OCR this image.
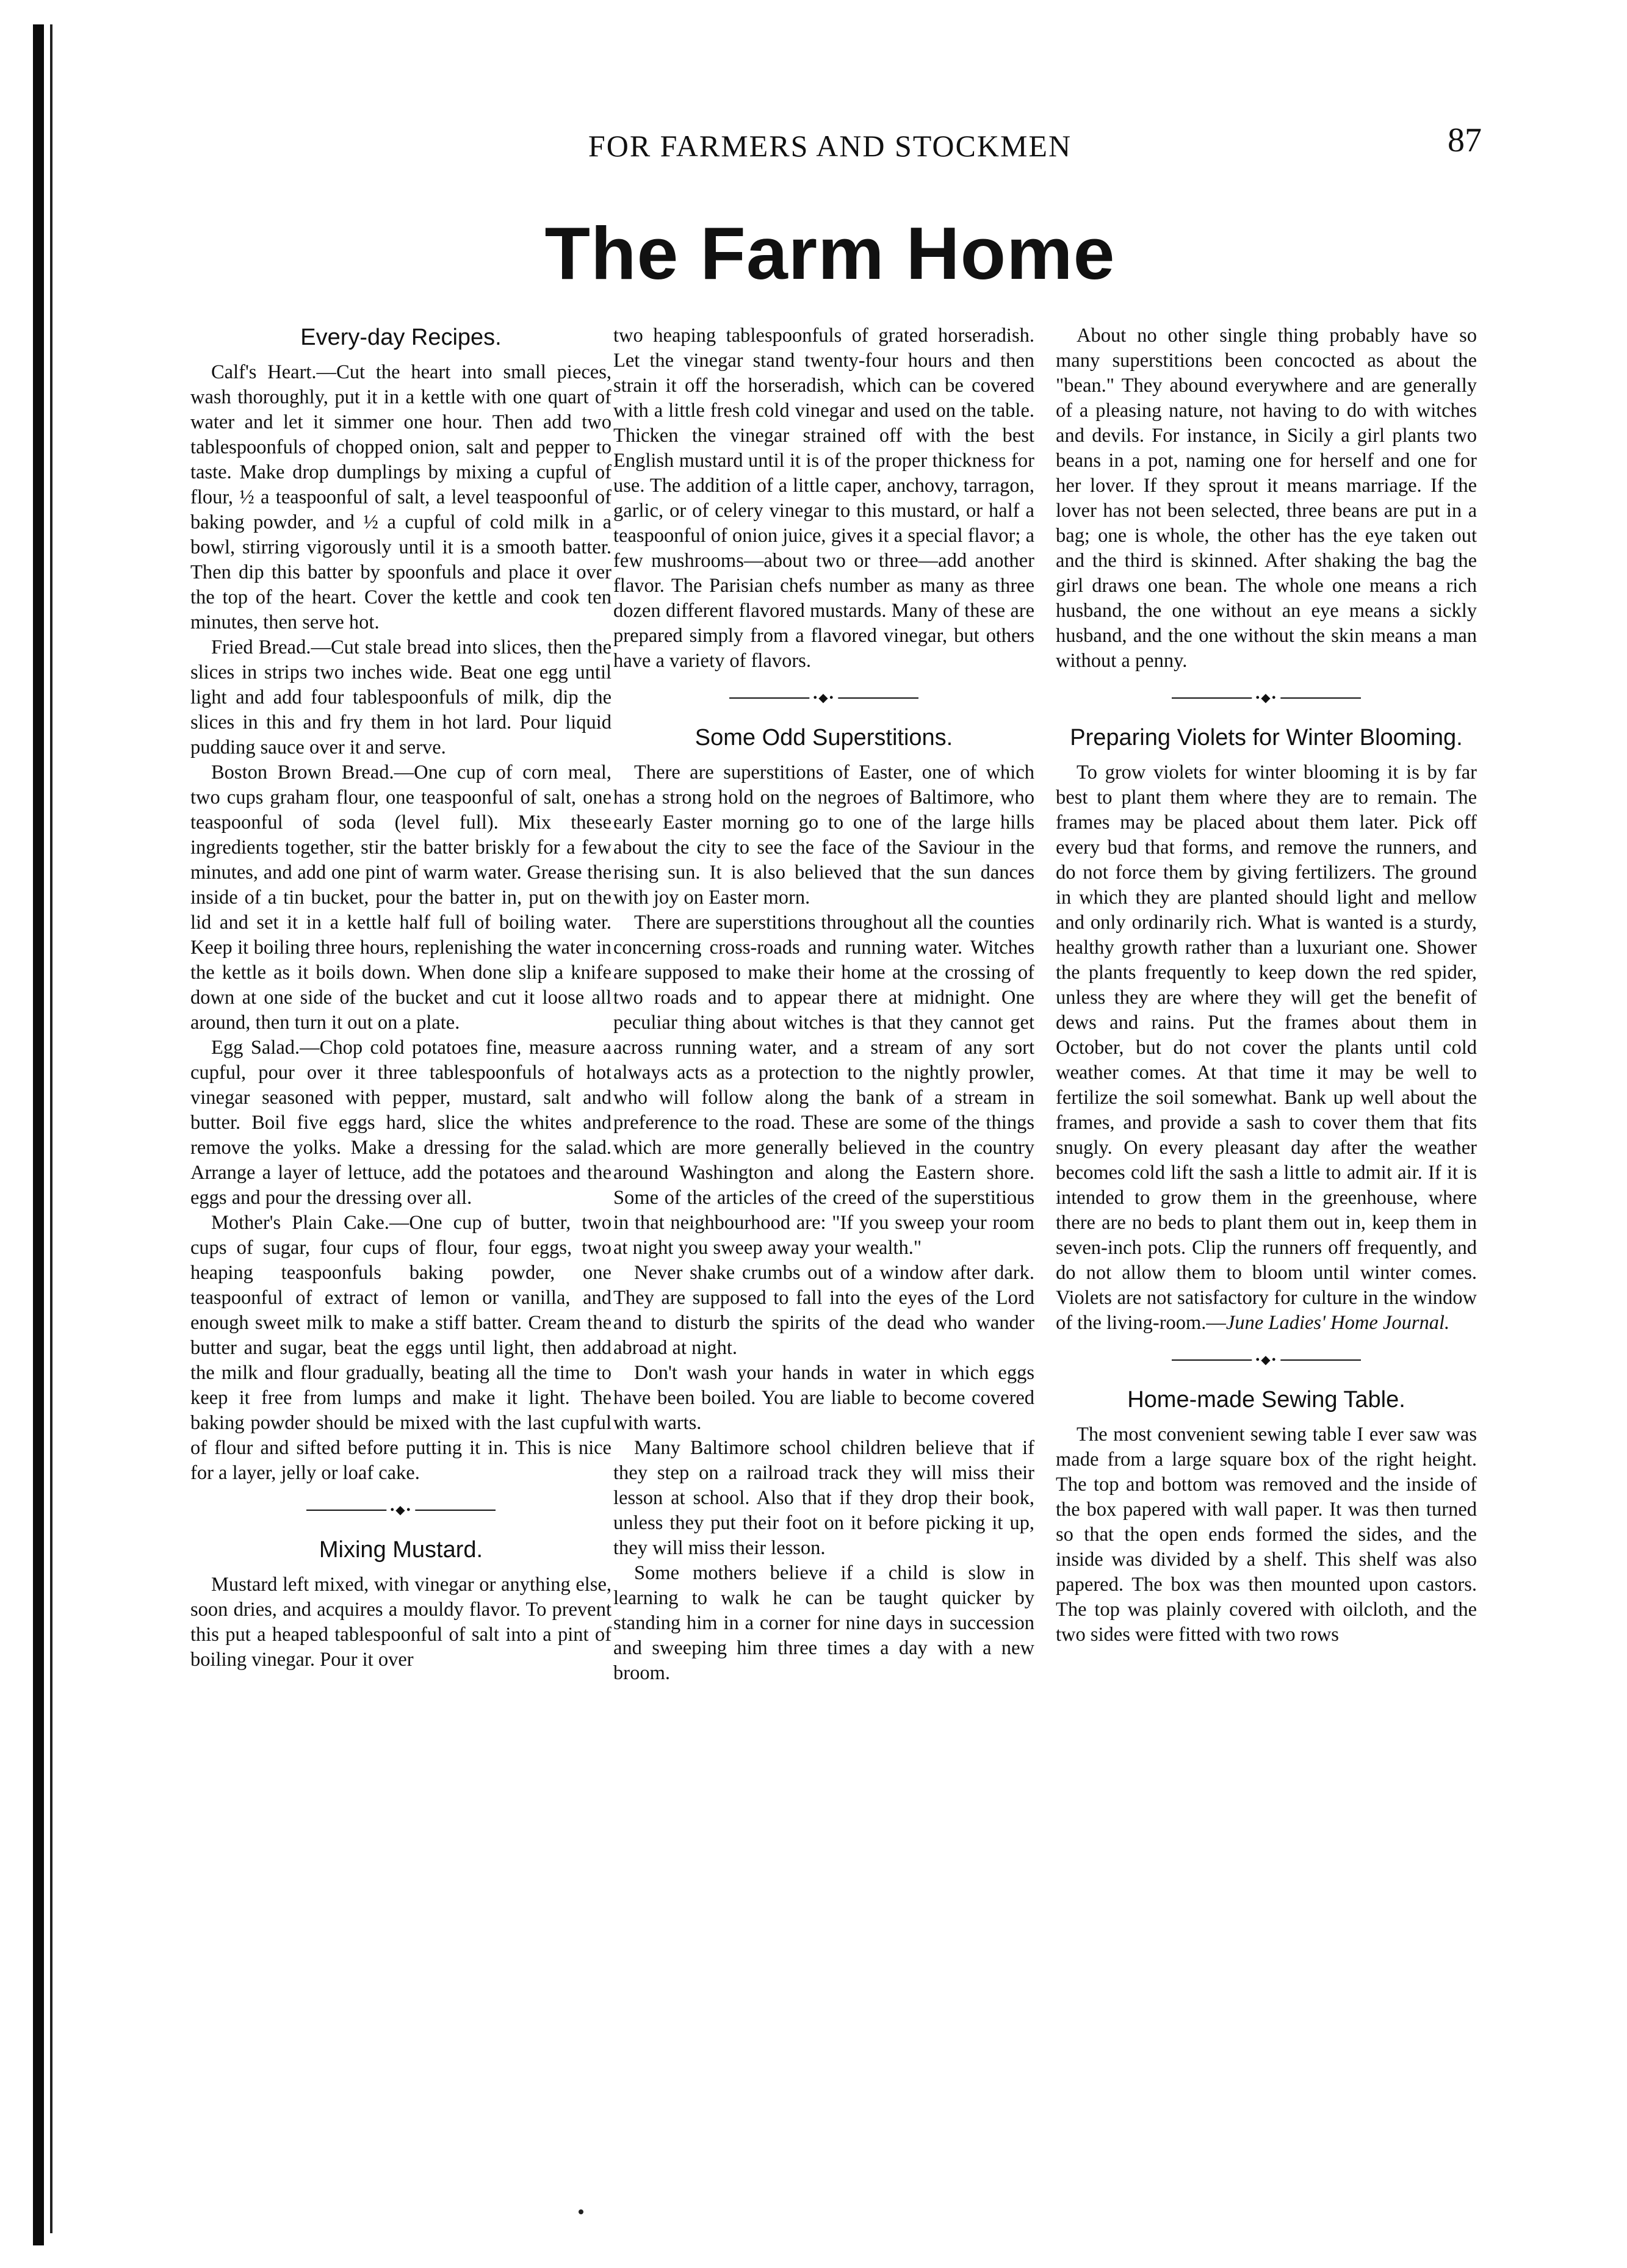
FOR FARMERS AND STOCKMEN	87
The Farm Home
Every-day Recipes.

Calf's Heart.—Cut the heart into small pieces, wash thoroughly, put it in a kettle with one quart of water and let it simmer one hour. Then add two tablespoonfuls of chopped onion, salt and pepper to taste. Make drop dumplings by mixing a cupful of flour, ½ a teaspoonful of salt, a level teaspoonful of baking powder, and ½ a cupful of cold milk in a bowl, stirring vigorously until it is a smooth batter. Then dip this batter by spoonfuls and place it over the top of the heart. Cover the kettle and cook ten minutes, then serve hot.

Fried Bread.—Cut stale bread into slices, then the slices in strips two inches wide. Beat one egg until light and add four tablespoonfuls of milk, dip the slices in this and fry them in hot lard. Pour liquid pudding sauce over it and serve.

Boston Brown Bread.—One cup of corn meal, two cups graham flour, one teaspoonful of salt, one teaspoonful of soda (level full). Mix these ingredients together, stir the batter briskly for a few minutes, and add one pint of warm water. Grease the inside of a tin bucket, pour the batter in, put on the lid and set it in a kettle half full of boiling water. Keep it boiling three hours, replenishing the water in the kettle as it boils down. When done slip a knife down at one side of the bucket and cut it loose all around, then turn it out on a plate.

Egg Salad.—Chop cold potatoes fine, measure a cupful, pour over it three tablespoonfuls of hot vinegar seasoned with pepper, mustard, salt and butter. Boil five eggs hard, slice the whites and remove the yolks. Make a dressing for the salad. Arrange a layer of lettuce, add the potatoes and the eggs and pour the dressing over all.

Mother's Plain Cake.—One cup of butter, two cups of sugar, four cups of flour, four eggs, two heaping teaspoonfuls baking powder, one teaspoonful of extract of lemon or vanilla, and enough sweet milk to make a stiff batter. Cream the butter and sugar, beat the eggs until light, then add the milk and flour gradually, beating all the time to keep it free from lumps and make it light. The baking powder should be mixed with the last cupful of flour and sifted before putting it in. This is nice for a layer, jelly or loaf cake.

•◆•
Mixing Mustard.

Mustard left mixed, with vinegar or anything else, soon dries, and acquires a mouldy flavor. To prevent this put a heaped tablespoonful of salt into a pint of boiling vinegar. Pour it over

two heaping tablespoonfuls of grated horseradish. Let the vinegar stand twenty-four hours and then strain it off the horseradish, which can be covered with a little fresh cold vinegar and used on the table. Thicken the vinegar strained off with the best English mustard until it is of the proper thickness for use. The addition of a little caper, anchovy, tarragon, garlic, or of celery vinegar to this mustard, or half a teaspoonful of onion juice, gives it a special flavor; a few mushrooms—about two or three—add another flavor. The Parisian chefs number as many as three dozen different flavored mustards. Many of these are prepared simply from a flavored vinegar, but others have a variety of flavors.

•◆•
Some Odd Superstitions.

There are superstitions of Easter, one of which has a strong hold on the negroes of Baltimore, who early Easter morning go to one of the large hills about the city to see the face of the Saviour in the rising sun. It is also believed that the sun dances with joy on Easter morn.

There are superstitions throughout all the counties concerning cross-roads and running water. Witches are supposed to make their home at the crossing of two roads and to appear there at midnight. One peculiar thing about witches is that they cannot get across running water, and a stream of any sort always acts as a protection to the nightly prowler, who will follow along the bank of a stream in preference to the road. These are some of the things which are more generally believed in the country around Washington and along the Eastern shore. Some of the articles of the creed of the superstitious in that neighbourhood are: "If you sweep your room at night you sweep away your wealth."

Never shake crumbs out of a window after dark. They are supposed to fall into the eyes of the Lord and to disturb the spirits of the dead who wander abroad at night.

Don't wash your hands in water in which eggs have been boiled. You are liable to become covered with warts.

Many Baltimore school children believe that if they step on a railroad track they will miss their lesson at school. Also that if they drop their book, unless they put their foot on it before picking it up, they will miss their lesson.

Some mothers believe if a child is slow in learning to walk he can be taught quicker by standing him in a corner for nine days in succession and sweeping him three times a day with a new broom.

About no other single thing probably have so many superstitions been concocted as about the "bean." They abound everywhere and are generally of a pleasing nature, not having to do with witches and devils. For instance, in Sicily a girl plants two beans in a pot, naming one for herself and one for her lover. If they sprout it means marriage. If the lover has not been selected, three beans are put in a bag; one is whole, the other has the eye taken out and the third is skinned. After shaking the bag the girl draws one bean. The whole one means a rich husband, the one without an eye means a sickly husband, and the one without the skin means a man without a penny.

•◆•
Preparing Violets for Winter Blooming.

To grow violets for winter blooming it is by far best to plant them where they are to remain. The frames may be placed about them later. Pick off every bud that forms, and remove the runners, and do not force them by giving fertilizers. The ground in which they are planted should light and mellow and only ordinarily rich. What is wanted is a sturdy, healthy growth rather than a luxuriant one. Shower the plants frequently to keep down the red spider, unless they are where they will get the benefit of dews and rains. Put the frames about them in October, but do not cover the plants until cold weather comes. At that time it may be well to fertilize the soil somewhat. Bank up well about the frames, and provide a sash to cover them that fits snugly. On every pleasant day after the weather becomes cold lift the sash a little to admit air. If it is intended to grow them in the greenhouse, where there are no beds to plant them out in, keep them in seven-inch pots. Clip the runners off frequently, and do not allow them to bloom until winter comes. Violets are not satisfactory for culture in the window of the living-room.—June Ladies' Home Journal.

•◆•
Home-made Sewing Table.

The most convenient sewing table I ever saw was made from a large square box of the right height. The top and bottom was removed and the inside of the box papered with wall paper. It was then turned so that the open ends formed the sides, and the inside was divided by a shelf. This shelf was also papered. The box was then mounted upon castors. The top was plainly covered with oilcloth, and the two sides were fitted with two rows
